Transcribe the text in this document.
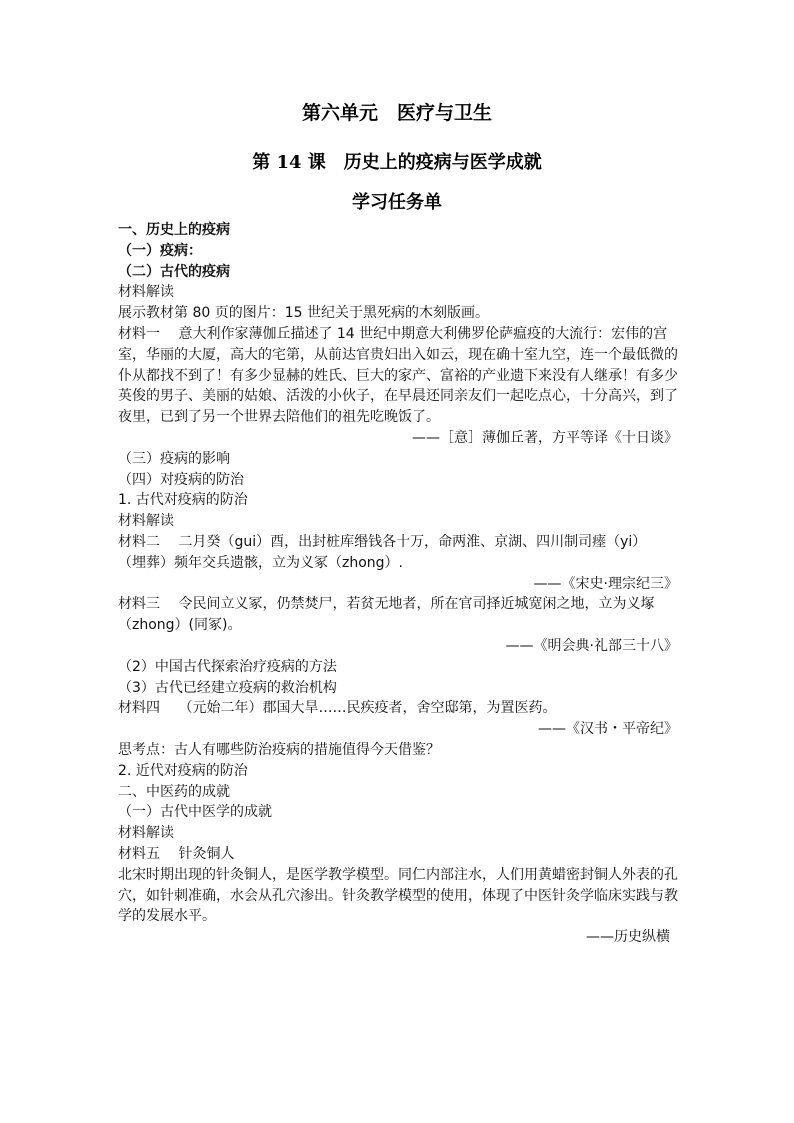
第六单元　医疗与卫生
第 14 课　历史上的疫病与医学成就
学习任务单
一、历史上的疫病
（一）疫病：
（二）古代的疫病
材料解读
展示教材第 80 页的图片：15 世纪关于黑死病的木刻版画。
材料一　 意大利作家薄伽丘描述了 14 世纪中期意大利佛罗伦萨瘟疫的大流行：宏伟的宫室，华丽的大厦，高大的宅第，从前达官贵妇出入如云，现在确十室九空，连一个最低微的仆从都找不到了！有多少显赫的姓氏、巨大的家产、富裕的产业遗下来没有人继承！有多少英俊的男子、美丽的姑娘、活泼的小伙子，在早晨还同亲友们一起吃点心，十分高兴，到了夜里，已到了另一个世界去陪他们的祖先吃晚饭了。
——［意］薄伽丘著，方平等译《十日谈》
（三）疫病的影响
（四）对疫病的防治
1. 古代对疫病的防治
材料解读
材料二　 二月癸（gui）酉，出封桩库缗钱各十万，命两淮、京湖、四川制司瘗（yi）
（埋葬）频年交兵遗骸，立为义冢（zhong）.
——《宋史·理宗纪三》
材料三　 令民间立义冢，仍禁焚尸，若贫无地者，所在官司择近城宽闲之地，立为义塚
（zhong）(同冢)。
——《明会典·礼部三十八》
（2）中国古代探索治疗疫病的方法
（3）古代已经建立疫病的救治机构
材料四　 （元始二年）郡国大旱……民疾疫者，舍空邸第，为置医药。
——《汉书・平帝纪》
思考点：古人有哪些防治疫病的措施值得今天借鉴？
2. 近代对疫病的防治
二、中医药的成就
（一）古代中医学的成就
材料解读
材料五　 针灸铜人
北宋时期出现的针灸铜人，是医学教学模型。同仁内部注水，人们用黄蜡密封铜人外表的孔穴，如针刺准确，水会从孔穴渗出。针灸教学模型的使用，体现了中医针灸学临床实践与教学的发展水平。
——历史纵横
